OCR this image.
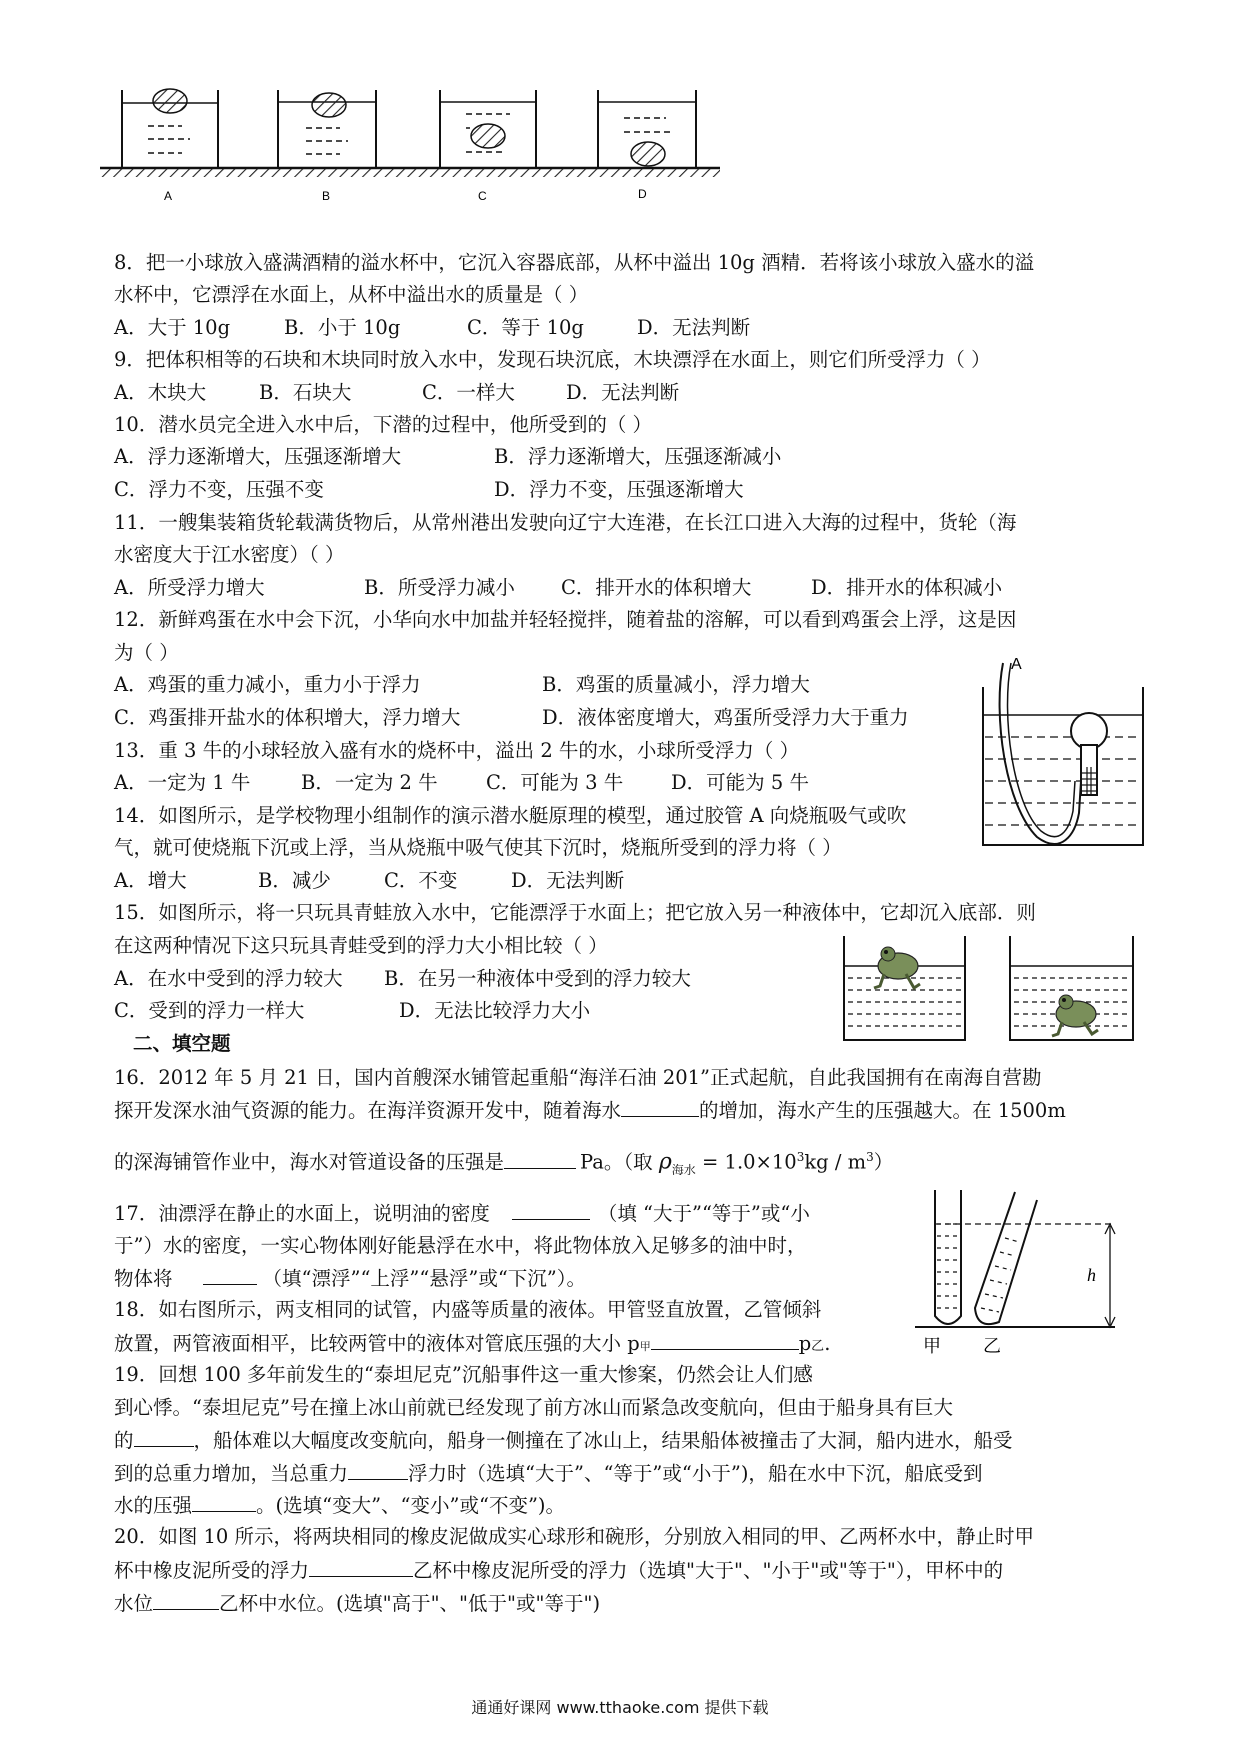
A	B	C	D
8．把一小球放入盛满酒精的溢水杯中，它沉入容器底部，从杯中溢出 10g 酒精．若将该小球放入盛水的溢
水杯中，它漂浮在水面上，从杯中溢出水的质量是（ ）
A．大于 10g	B．小于 10g	C．等于 10g	D．无法判断
9．把体积相等的石块和木块同时放入水中，发现石块沉底，木块漂浮在水面上，则它们所受浮力（ ）
A．木块大	B．石块大	C．一样大	D．无法判断
10．潜水员完全进入水中后，下潜的过程中，他所受到的（ ）
A．浮力逐渐增大，压强逐渐增大	B．浮力逐渐增大，压强逐渐减小
C．浮力不变，压强不变	D．浮力不变，压强逐渐增大
11．一艘集装箱货轮载满货物后，从常州港出发驶向辽宁大连港，在长江口进入大海的过程中，货轮（海
水密度大于江水密度）（ ）
A．所受浮力增大	B．所受浮力减小 C．排开水的体积增大	D．排开水的体积减小
12．新鲜鸡蛋在水中会下沉，小华向水中加盐并轻轻搅拌，随着盐的溶解，可以看到鸡蛋会上浮，这是因
为（ ）
A．鸡蛋的重力减小，重力小于浮力	B．鸡蛋的质量减小，浮力增大
C．鸡蛋排开盐水的体积增大，浮力增大	D．液体密度增大，鸡蛋所受浮力大于重力
13．重 3 牛的小球轻放入盛有水的烧杯中，溢出 2 牛的水，小球所受浮力（ ）
A．一定为 1 牛	B．一定为 2 牛 C．可能为 3 牛 D．可能为 5 牛
14．如图所示，是学校物理小组制作的演示潜水艇原理的模型，通过胶管 A 向烧瓶吸气或吹
气，就可使烧瓶下沉或上浮，当从烧瓶中吸气使其下沉时，烧瓶所受到的浮力将（ ）
A．增大	B．减少	C．不变	D．无法判断
A
15．如图所示，将一只玩具青蛙放入水中，它能漂浮于水面上；把它放入另一种液体中，它却沉入底部．则
在这两种情况下这只玩具青蛙受到的浮力大小相比较（ ）
A．在水中受到的浮力较大 B．在另一种液体中受到的浮力较大
C．受到的浮力一样大	D．无法比较浮力大小
二、填空题
16．2012 年 5 月 21 日，国内首艘深水铺管起重船“海洋石油 201”正式起航，自此我国拥有在南海自营勘
探开发深水油气资源的能力。在海洋资源开发中，随着海水	的增加，海水产生的压强越大。在 1500m
的深海铺管作业中，海水对管道设备的压强是	Pa。（取 $\rho_{海水} = 1.0\times 10^3kg / m^3$）
17．油漂浮在静止的水面上，说明油的密度	（填 “大于”“等于”或“小
于”）水的密度，一实心物体刚好能悬浮在水中，将此物体放入足够多的油中时，
物体将	（填“漂浮”“上浮”“悬浮”或“下沉”）。
18．如右图所示，两支相同的试管，内盛等质量的液体。甲管竖直放置，乙管倾斜
放置，两管液面相平，比较两管中的液体对管底压强的大小 p甲	p乙.
h
甲 乙
19．回想 100 多年前发生的“泰坦尼克”沉船事件这一重大惨案，仍然会让人们感
到心悸。“泰坦尼克”号在撞上冰山前就已经发现了前方冰山而紧急改变航向，但由于船身具有巨大
的	，船体难以大幅度改变航向，船身一侧撞在了冰山上，结果船体被撞击了大洞，船内进水，船受
到的总重力增加，当总重力	浮力时（选填“大于”、“等于”或“小于”)，船在水中下沉，船底受到
水的压强	。(选填“变大”、“变小”或“不变”)。
20．如图 10 所示，将两块相同的橡皮泥做成实心球形和碗形，分别放入相同的甲、乙两杯水中，静止时甲
杯中橡皮泥所受的浮力	乙杯中橡皮泥所受的浮力（选填"大于"、"小于"或"等于"），甲杯中的
水位	乙杯中水位。(选填"高于"、"低于"或"等于")
通通好课网 www.tthaoke.com 提供下载
